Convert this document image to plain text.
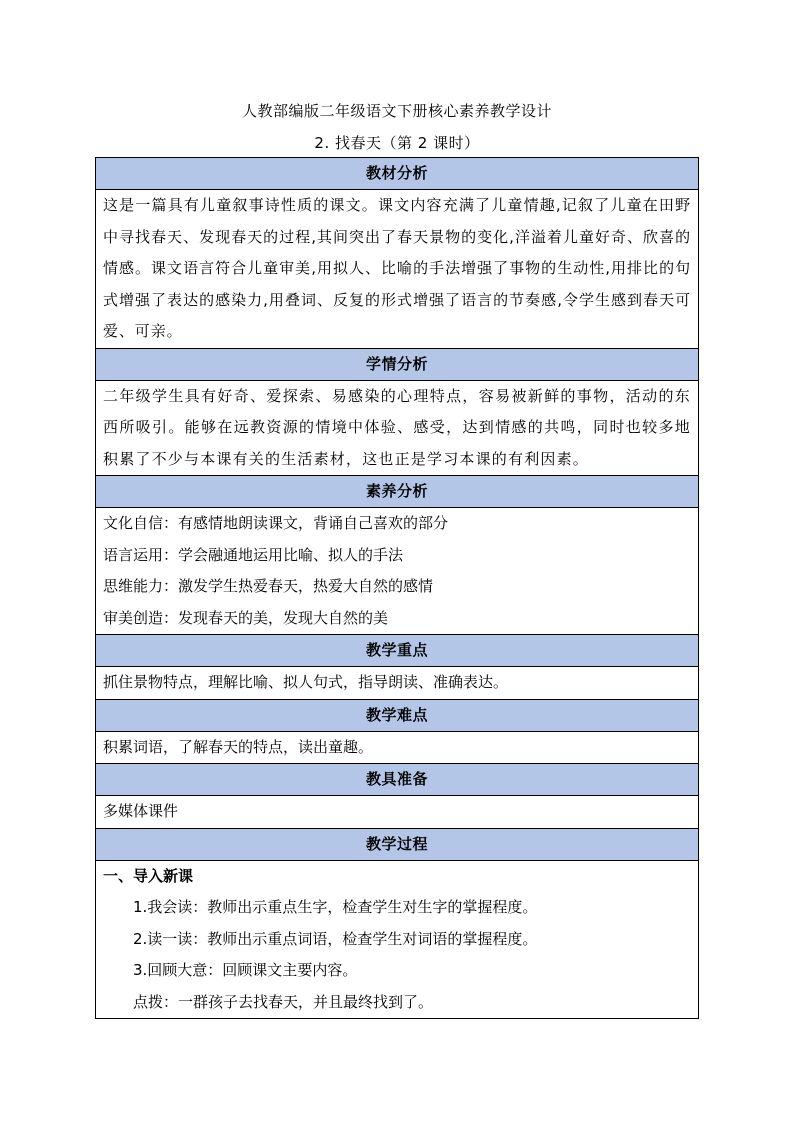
人教部编版二年级语文下册核心素养教学设计
2. 找春天（第 2 课时）
教材分析

这是一篇具有儿童叙事诗性质的课文。课文内容充满了儿童情趣,记叙了儿童在田野中寻找春天、发现春天的过程,其间突出了春天景物的变化,洋溢着儿童好奇、欣喜的情感。课文语言符合儿童审美,用拟人、比喻的手法增强了事物的生动性,用排比的句式增强了表达的感染力,用叠词、反复的形式增强了语言的节奏感,令学生感到春天可爱、可亲。

学情分析

二年级学生具有好奇、爱探索、易感染的心理特点，容易被新鲜的事物，活动的东西所吸引。能够在远教资源的情境中体验、感受，达到情感的共鸣，同时也较多地积累了不少与本课有关的生活素材，这也正是学习本课的有利因素。

素养分析

文化自信：有感情地朗读课文，背诵自己喜欢的部分

语言运用：学会融通地运用比喻、拟人的手法

思维能力：激发学生热爱春天，热爱大自然的感情

审美创造：发现春天的美，发现大自然的美

教学重点

抓住景物特点，理解比喻、拟人句式，指导朗读、准确表达。

教学难点

积累词语，了解春天的特点，读出童趣。

教具准备

多媒体课件

教学过程

一、导入新课

1.我会读：教师出示重点生字，检查学生对生字的掌握程度。

2.读一读：教师出示重点词语，检查学生对词语的掌握程度。

3.回顾大意：回顾课文主要内容。

点拨：一群孩子去找春天，并且最终找到了。
